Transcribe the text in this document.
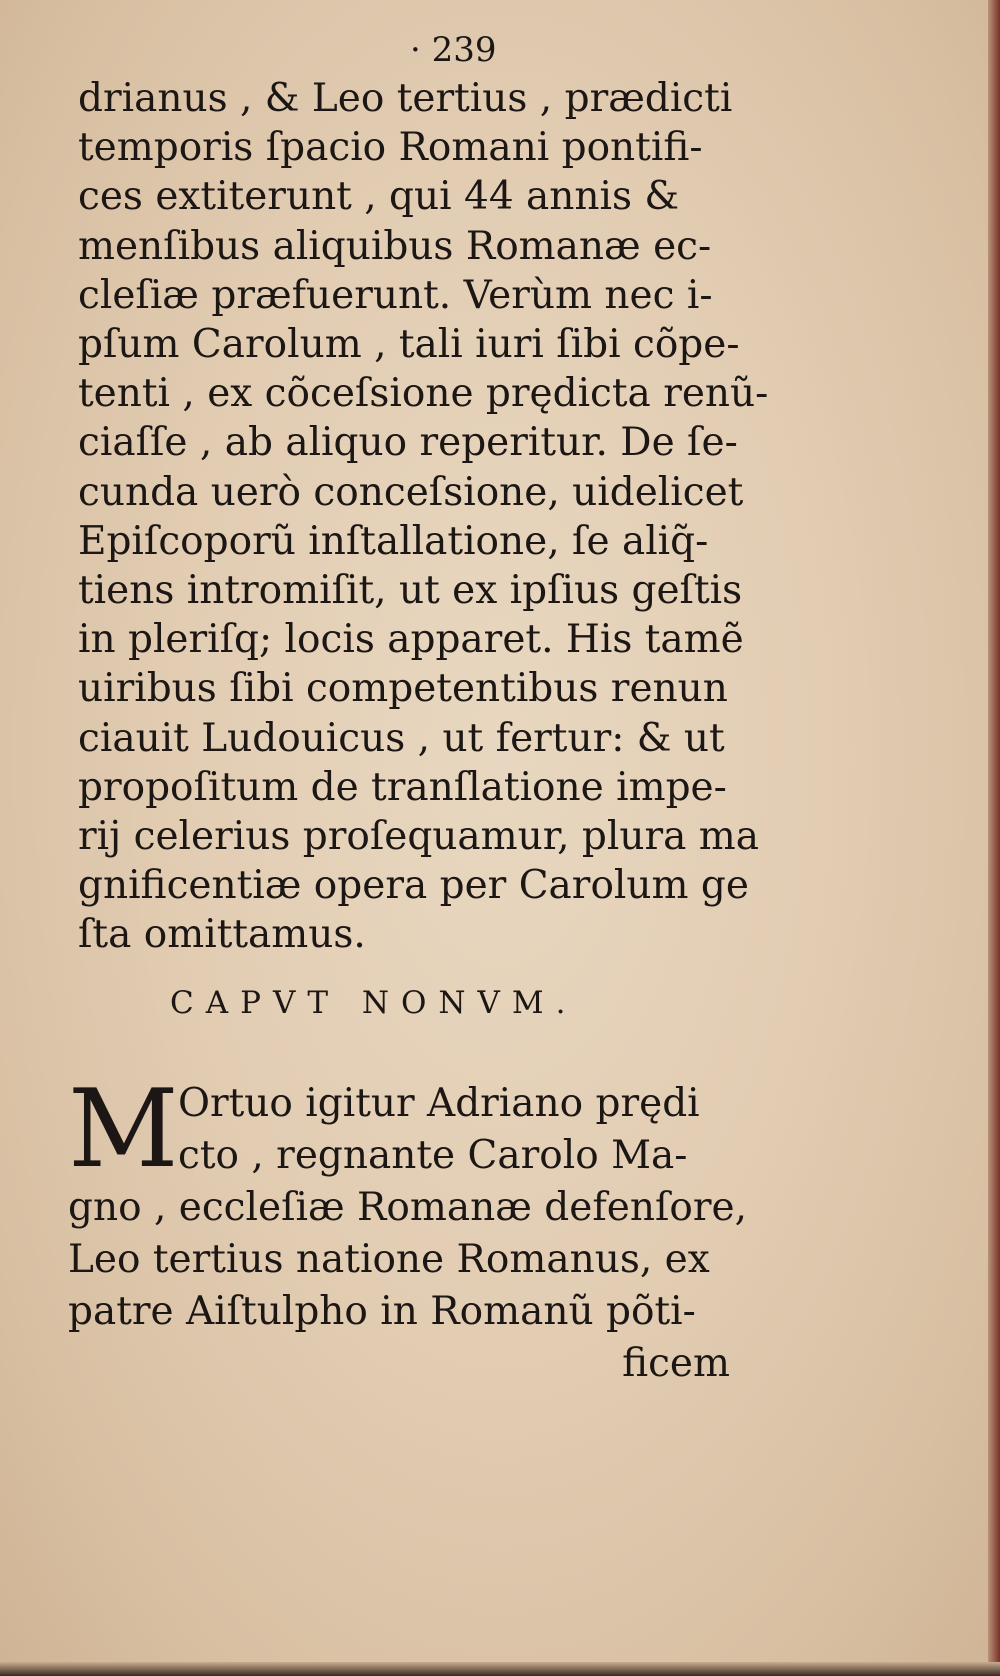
· 239
drianus , & Leo tertius , prædicti
temporis ſpacio Romani pontifi-
ces extiterunt , qui 44 annis &
menſibus aliquibus Romanæ ec-
cleſiæ præfuerunt. Verùm nec i-
pſum Carolum , tali iuri ſibi cõpe-
tenti , ex cõceſsione prędicta renũ-
ciaſſe , ab aliquo reperitur. De ſe-
cunda uerò conceſsione, uidelicet
Epiſcoporũ inſtallatione, ſe aliq̃-
tiens intromiſit, ut ex ipſius geſtis
in pleriſq; locis apparet. His tamẽ
uiribus ſibi competentibus renun
ciauit Ludouicus , ut fertur: & ut
propoſitum de tranſlatione impe-
rij celerius proſequamur, plura ma
gnificentiæ opera per Carolum ge
ſta omittamus.
CAPVT NONVM.
M Ortuo igitur Adriano prędi
cto , regnante Carolo Ma-
gno , eccleſiæ Romanæ defenſore,
Leo tertius natione Romanus, ex
patre Aiſtulpho in Romanũ põti-
ficem
